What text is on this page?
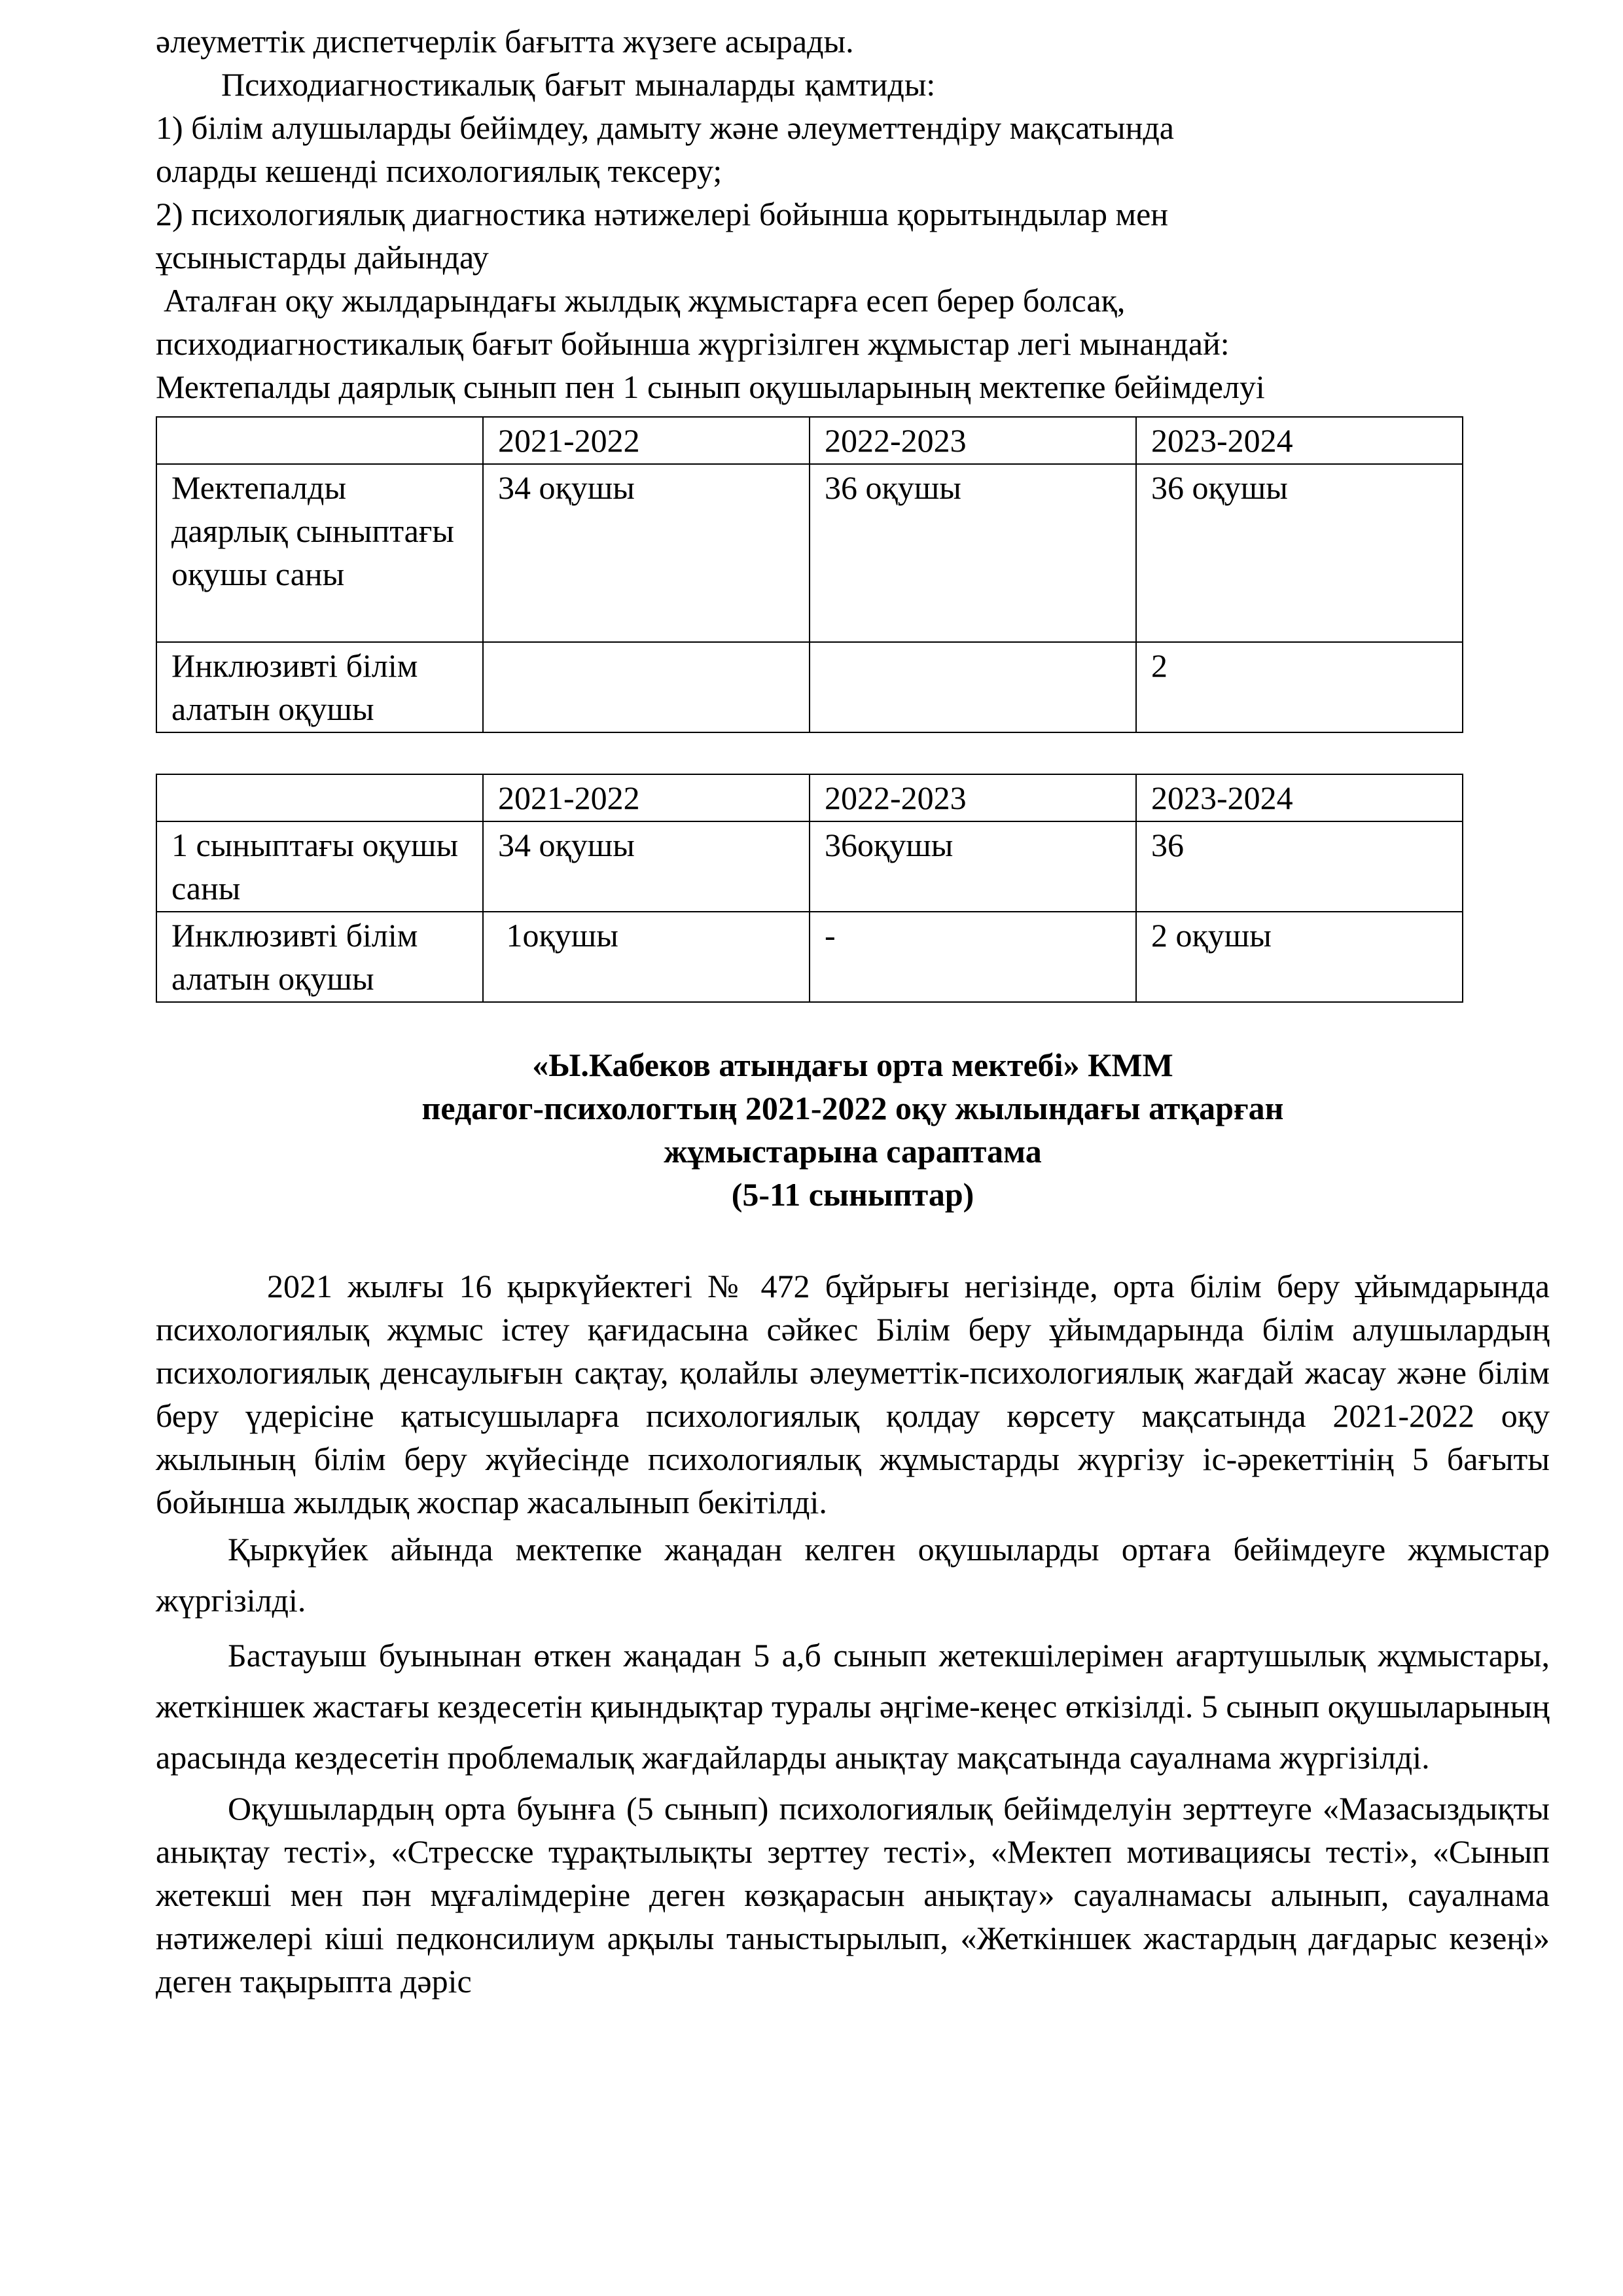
əлеуметтік диспетчерлік бағытта жүзеге асырады.

Психодиагностикалық бағыт мыналарды қамтиды:

1) білім алушыларды бейімдеу, дамыту және əлеуметтендіру мақсатында

оларды кешенді психологиялық тексеру;

2) психологиялық диагностика нəтижелері бойынша қорытындылар мен

ұсыныстарды дайындау

Аталған оқу жылдарындағы жылдық жұмыстарға есеп берер болсақ,

психодиагностикалық бағыт бойынша жүргізілген жұмыстар легі мынандай:

Мектепалды даярлық сынып пен 1 сынып оқушыларының мектепке бейімделуі

	2021-2022	2022-2023	2023-2024
Мектепалды даярлық сыныптағы оқушы саны	34 оқушы	36 оқушы	36 оқушы
Инклюзивті білім алатын оқушы			2
	2021-2022	2022-2023	2023-2024
1 сыныптағы оқушы саны	34 оқушы	36оқушы	36
Инклюзивті білім алатын оқушы	1оқушы	-	2 оқушы
«Ы.Кабеков атындағы орта мектебі» КММ
педагог-психологтың 2021-2022 оқу жылындағы атқарған
жұмыстарына сараптама
(5-11 сыныптар)

2021 жылғы 16 қыркүйектегі № 472 бұйрығы негізінде, орта білім беру ұйымдарында психологиялық жұмыс істеу қағидасына сəйкес Білім беру ұйымдарында білім алушылардың психологиялық денсаулығын сақтау, қолайлы əлеуметтік-психологиялық жағдай жасау жəне білім беру үдерісіне қатысушыларға психологиялық қолдау көрсету мақсатында 2021-2022 оқу жылының білім беру жүйесінде психологиялық жұмыстарды жүргізу іс-əрекеттінің 5 бағыты бойынша жылдық жоспар жасалынып бекітілді.

Қыркүйек айында мектепке жаңадан келген оқушыларды ортаға бейімдеуге жұмыстар жүргізілді.

Бастауыш буынынан өткен жаңадан 5 а,б сынып жетекшілерімен ағартушылық жұмыстары, жеткіншек жастағы кездесетін қиындықтар туралы əңгіме-кеңес өткізілді. 5 сынып оқушыларының арасында кездесетін проблемалық жағдайларды анықтау мақсатында сауалнама жүргізілді.

Оқушылардың орта буынға (5 сынып) психологиялық бейімделуін зерттеуге «Мазасыздықты анықтау тесті», «Стресске тұрақтылықты зерттеу тесті», «Мектеп мотивациясы тесті», «Сынып жетекші мен пəн мұғалімдеріне деген көзқарасын анықтау» сауалнамасы алынып, сауалнама нəтижелері кіші педконсилиум арқылы таныстырылып, «Жеткіншек жастардың дағдарыс кезеңі» деген тақырыпта дəріс
